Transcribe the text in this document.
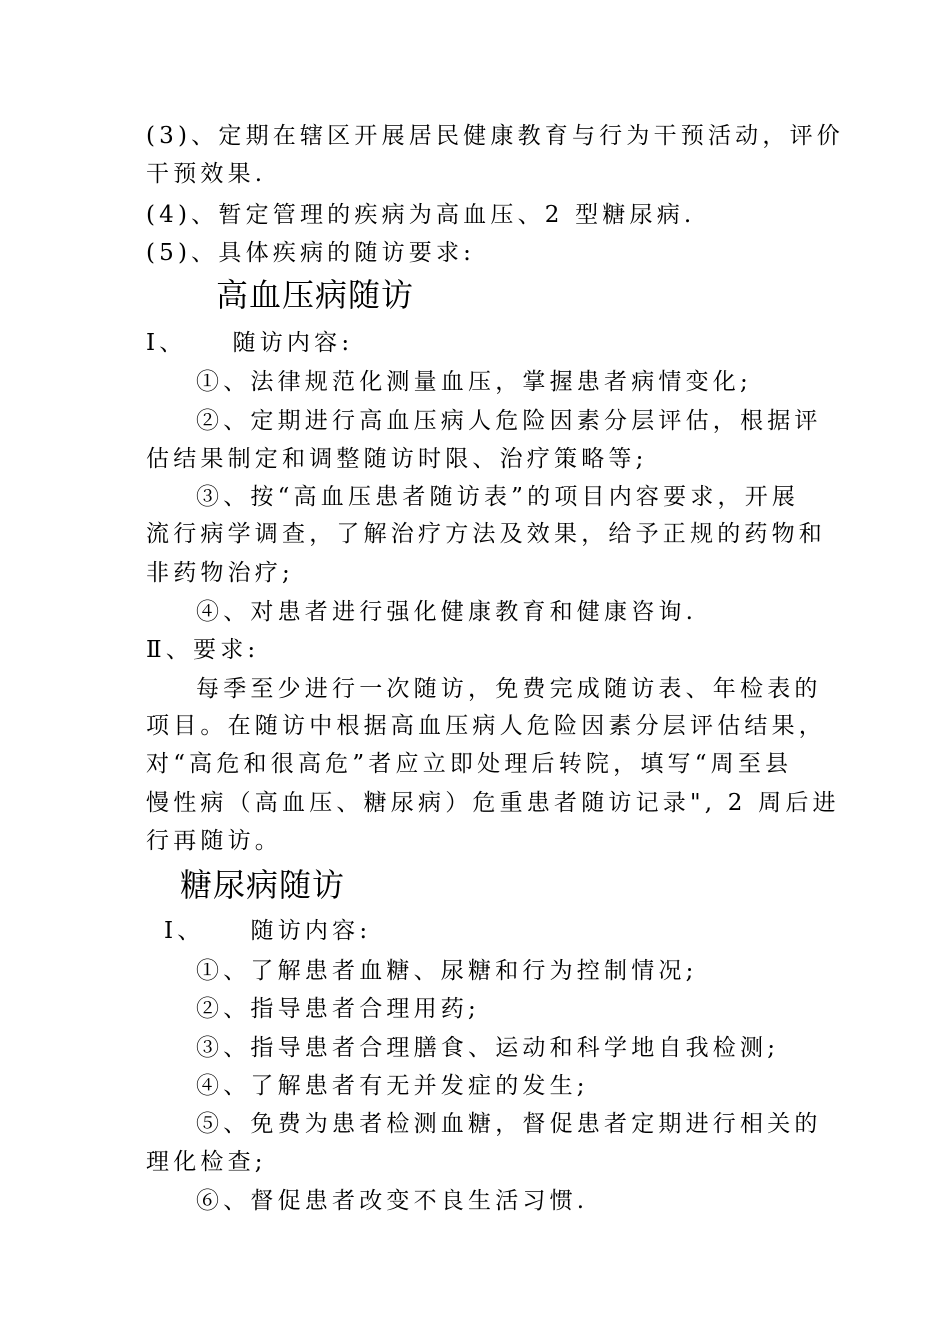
(3)、定期在辖区开展居民健康教育与行为干预活动，评价
干预效果.
(4)、暂定管理的疾病为高血压、2 型糖尿病.
(5)、具体疾病的随访要求:
高血压病随访
Ⅰ、    随访内容:
①、法律规范化测量血压，掌握患者病情变化;
②、定期进行高血压病人危险因素分层评估，根据评
估结果制定和调整随访时限、治疗策略等;
③、按“高血压患者随访表”的项目内容要求，开展
流行病学调查，了解治疗方法及效果，给予正规的药物和
非药物治疗;
④、对患者进行强化健康教育和健康咨询.
Ⅱ、要求:
每季至少进行一次随访，免费完成随访表、年检表的
项目。在随访中根据高血压病人危险因素分层评估结果，
对“高危和很高危”者应立即处理后转院，填写“周至县
慢性病（高血压、糖尿病）危重患者随访记录", 2 周后进
行再随访。
糖尿病随访
Ⅰ、    随访内容:
①、了解患者血糖、尿糖和行为控制情况;
②、指导患者合理用药;
③、指导患者合理膳食、运动和科学地自我检测;
④、了解患者有无并发症的发生;
⑤、免费为患者检测血糖，督促患者定期进行相关的
理化检查;
⑥、督促患者改变不良生活习惯.
